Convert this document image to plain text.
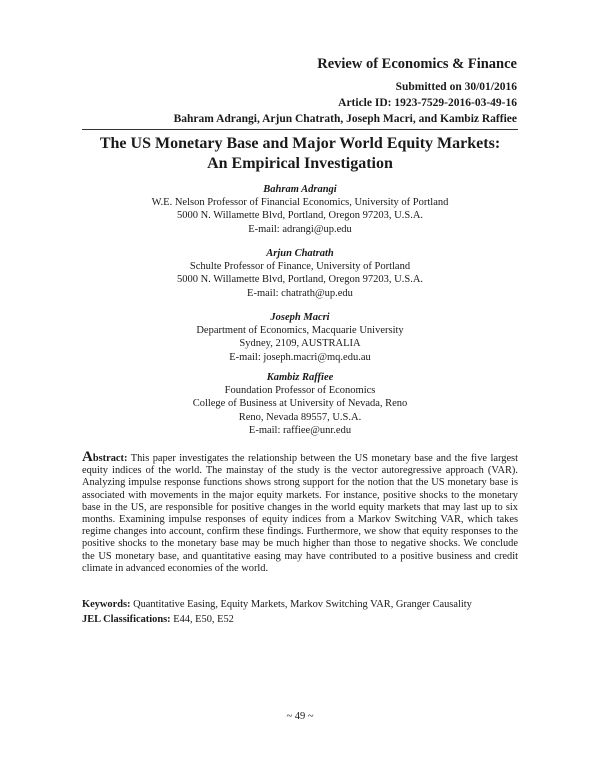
Review of Economics & Finance
Submitted on 30/01/2016
Article ID: 1923-7529-2016-03-49-16
Bahram Adrangi, Arjun Chatrath, Joseph Macri, and Kambiz Raffiee
The US Monetary Base and Major World Equity Markets:
An Empirical Investigation
Bahram Adrangi
W.E. Nelson Professor of Financial Economics, University of Portland
5000 N. Willamette Blvd, Portland, Oregon 97203, U.S.A.
E-mail: adrangi@up.edu
Arjun Chatrath
Schulte Professor of Finance, University of Portland
5000 N. Willamette Blvd, Portland, Oregon 97203, U.S.A.
E-mail: chatrath@up.edu
Joseph Macri
Department of Economics, Macquarie University
Sydney, 2109, AUSTRALIA
E-mail: joseph.macri@mq.edu.au
Kambiz Raffiee
Foundation Professor of Economics
College of Business at University of Nevada, Reno
Reno, Nevada 89557, U.S.A.
E-mail: raffiee@unr.edu
Abstract: This paper investigates the relationship between the US monetary base and the five largest equity indices of the world. The mainstay of the study is the vector autoregressive approach (VAR). Analyzing impulse response functions shows strong support for the notion that the US monetary base is associated with movements in the major equity markets. For instance, positive shocks to the monetary base in the US, are responsible for positive changes in the world equity markets that may last up to six months. Examining impulse responses of equity indices from a Markov Switching VAR, which takes regime changes into account, confirm these findings. Furthermore, we show that equity responses to the positive shocks to the monetary base may be much higher than those to negative shocks. We conclude the US monetary base, and quantitative easing may have contributed to a positive business and credit climate in advanced economies of the world.
Keywords: Quantitative Easing, Equity Markets, Markov Switching VAR, Granger Causality
JEL Classifications: E44, E50, E52
~ 49 ~
